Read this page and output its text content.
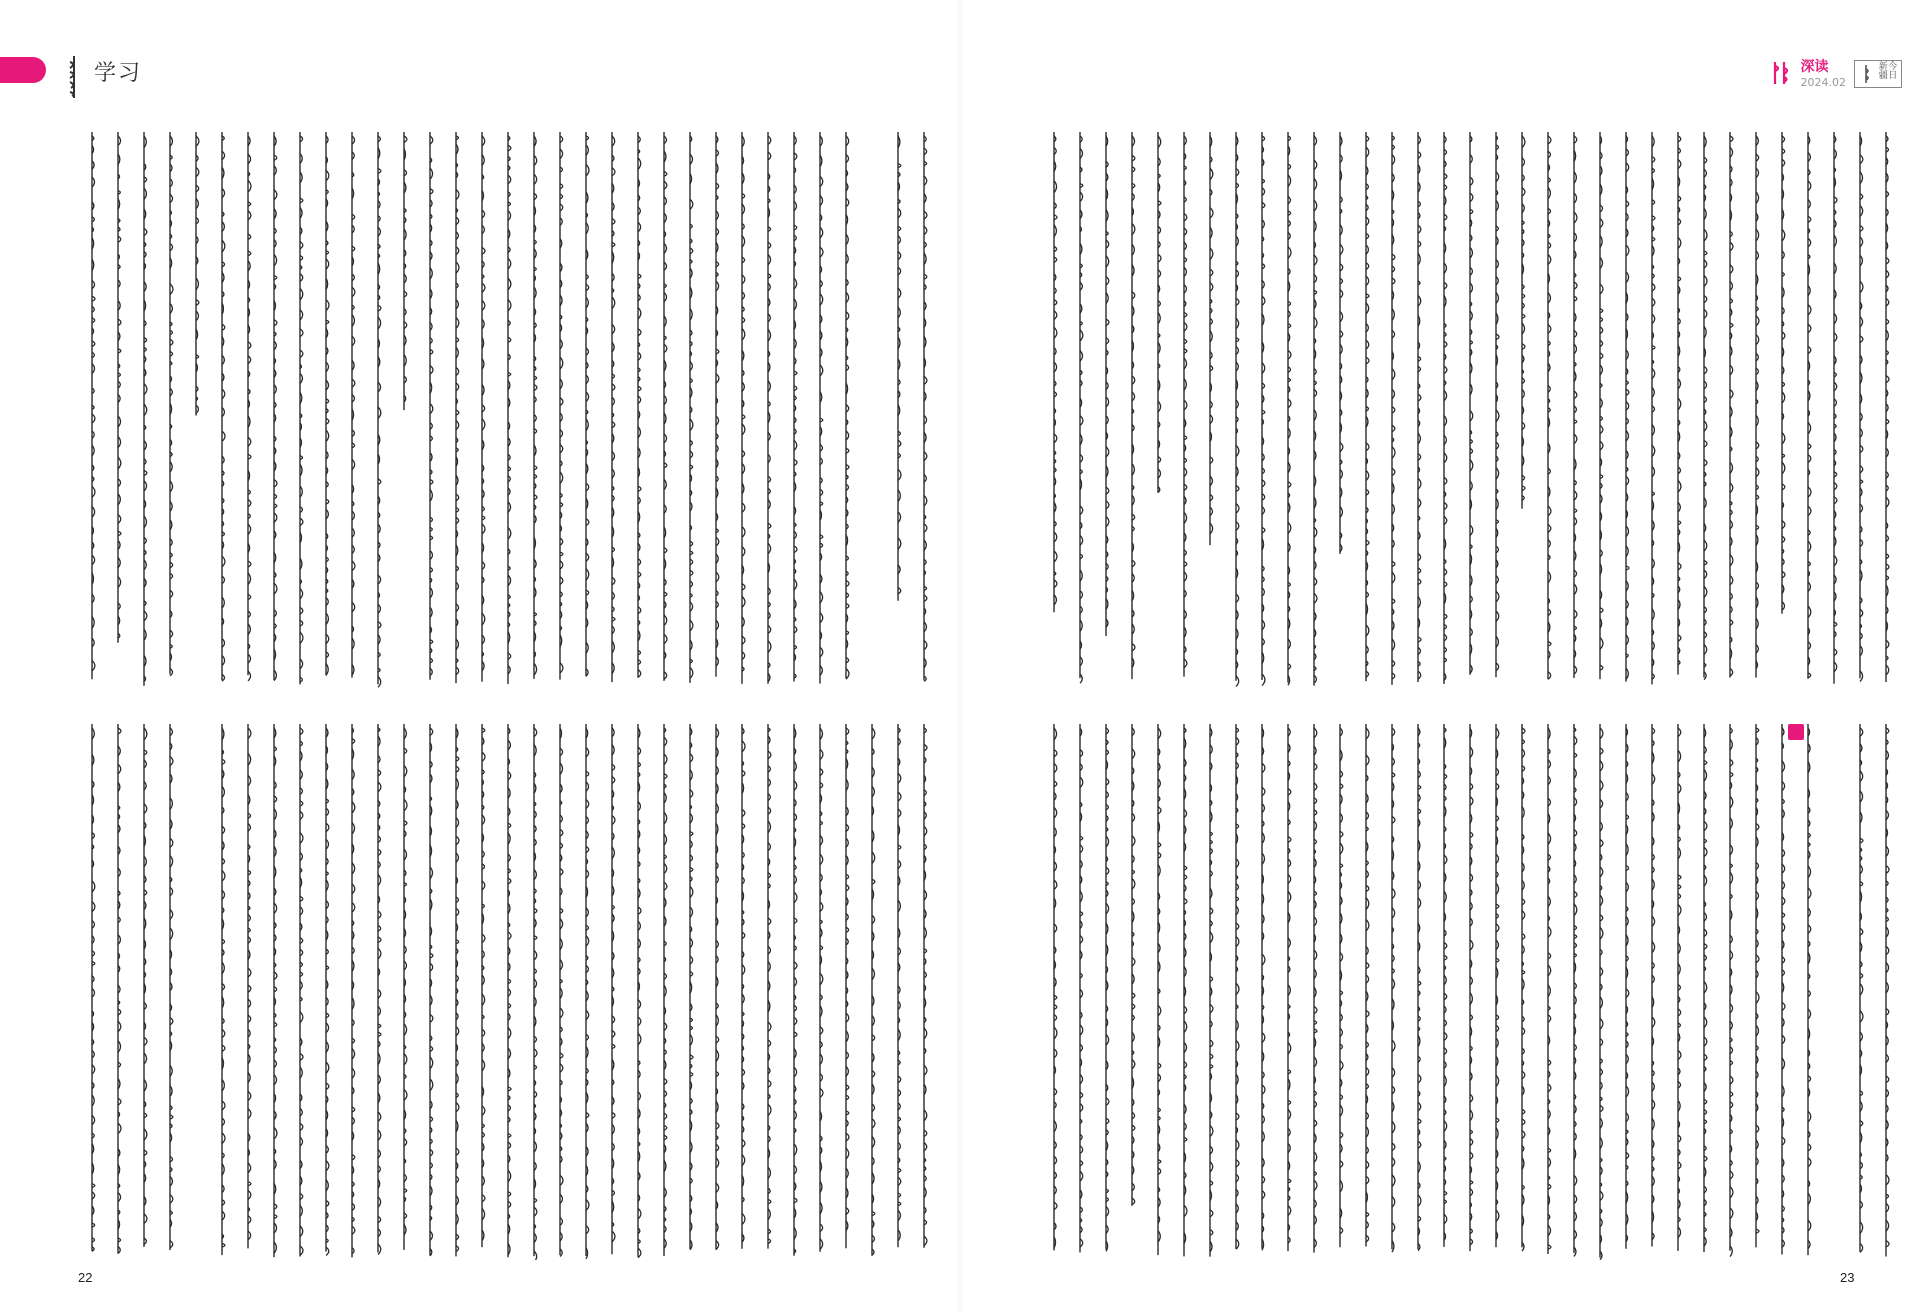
学习	深读
2024.02
今日新疆
22	23
